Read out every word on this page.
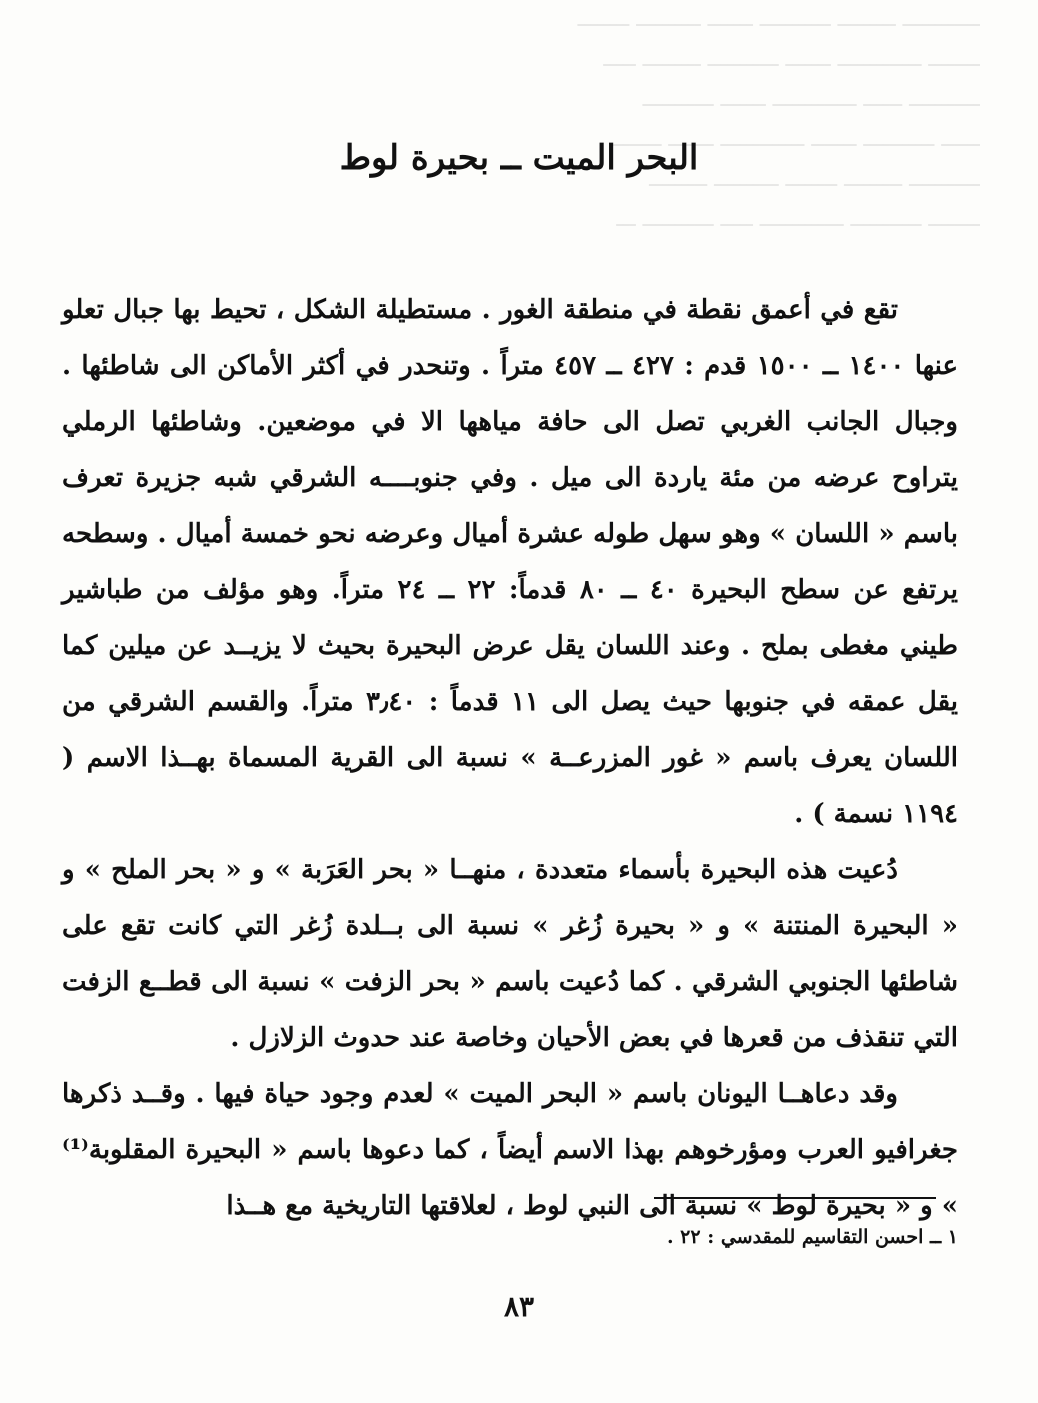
ــــــــــــ ـــــــــ ـــــــــــ ـــــــ ــــــــــ ــــــــ
ــــــــ ـــــــــــــ ـــــــ ـــــــــــ ـــــــــ ـــــ
ـــــــــــ ــــــ ـــــــــــــ ـــــــ ـــــــــــ
ــــــ ـــــــــــ ـــــــ ـــــــــــــ ـــــــ ــــــــ
ـــــــــــ ـــــــــ ــــــــ ــــــــــ ـــــــــ
ــــــــ ـــــــــــ ـــــــــــــ ـــــ ـــــــــــ ـــ
البحر الميت ــ بحيرة لوط

تقع في أعمق نقطة في منطقة الغور . مستطيلة الشكل ، تحيط بها جبال تعلو عنها ١٤٠٠ ــ ١٥٠٠ قدم : ٤٢٧ ــ ٤٥٧ متراً . وتنحدر في أكثر الأماكن الى شاطئها . وجبال الجانب الغربي تصل الى حافة مياهها الا في موضعين. وشاطئها الرملي يتراوح عرضه من مئة ياردة الى ميل . وفي جنوبــــه الشرقي شبه جزيرة تعرف باسم « اللسان » وهو سهل طوله عشرة أميال وعرضه نحو خمسة أميال . وسطحه يرتفع عن سطح البحيرة ٤٠ ــ ٨٠ قدماً: ٢٢ ــ ٢٤ متراً. وهو مؤلف من طباشير طيني مغطى بملح . وعند اللسان يقل عرض البحيرة بحيث لا يزيــد عن ميلين كما يقل عمقه في جنوبها حيث يصل الى ١١ قدماً : ٣٫٤٠ متراً. والقسم الشرقي من اللسان يعرف باسم « غور المزرعــة » نسبة الى القرية المسماة بهــذا الاسم ( ١١٩٤ نسمة ) .

دُعيت هذه البحيرة بأسماء متعددة ، منهــا « بحر العَرَبة » و « بحر الملح » و « البحيرة المنتنة » و « بحيرة زُغر » نسبة الى بــلدة زُغر التي كانت تقع على شاطئها الجنوبي الشرقي . كما دُعيت باسم « بحر الزفت » نسبة الى قطــع الزفت التي تنقذف من قعرها في بعض الأحيان وخاصة عند حدوث الزلازل .

وقد دعاهــا اليونان باسم « البحر الميت » لعدم وجود حياة فيها . وقــد ذكرها جغرافيو العرب ومؤرخوهم بهذا الاسم أيضاً ، كما دعوها باسم « البحيرة المقلوبة⁽¹⁾ » و « بحيرة لوط » نسبة الى النبي لوط ، لعلاقتها التاريخية مع هــذا

١ ــ احسن التقاسيم للمقدسي : ٢٢ .
٨٣
